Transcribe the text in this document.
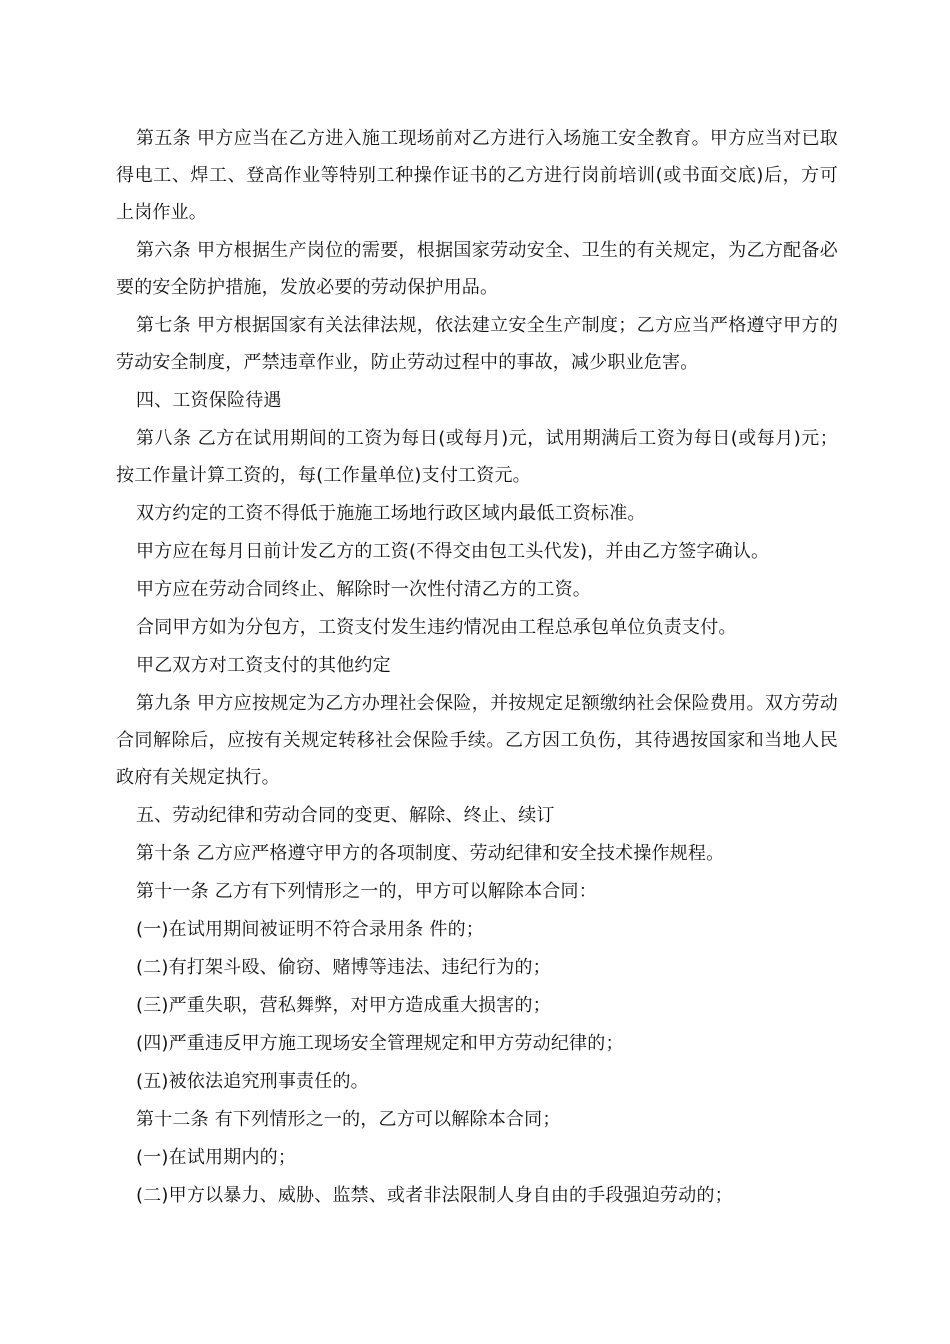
第五条 甲方应当在乙方进入施工现场前对乙方进行入场施工安全教育。甲方应当对已取得电工、焊工、登高作业等特别工种操作证书的乙方进行岗前培训(或书面交底)后，方可上岗作业。

第六条 甲方根据生产岗位的需要，根据国家劳动安全、卫生的有关规定，为乙方配备必要的安全防护措施，发放必要的劳动保护用品。

第七条 甲方根据国家有关法律法规，依法建立安全生产制度；乙方应当严格遵守甲方的劳动安全制度，严禁违章作业，防止劳动过程中的事故，减少职业危害。

四、工资保险待遇

第八条 乙方在试用期间的工资为每日(或每月)元，试用期满后工资为每日(或每月)元；按工作量计算工资的，每(工作量单位)支付工资元。

双方约定的工资不得低于施施工场地行政区域内最低工资标准。

甲方应在每月日前计发乙方的工资(不得交由包工头代发)，并由乙方签字确认。

甲方应在劳动合同终止、解除时一次性付清乙方的工资。

合同甲方如为分包方，工资支付发生违约情况由工程总承包单位负责支付。

甲乙双方对工资支付的其他约定

第九条 甲方应按规定为乙方办理社会保险，并按规定足额缴纳社会保险费用。双方劳动合同解除后，应按有关规定转移社会保险手续。乙方因工负伤，其待遇按国家和当地人民政府有关规定执行。

五、劳动纪律和劳动合同的变更、解除、终止、续订

第十条 乙方应严格遵守甲方的各项制度、劳动纪律和安全技术操作规程。

第十一条 乙方有下列情形之一的，甲方可以解除本合同：

(一)在试用期间被证明不符合录用条 件的；

(二)有打架斗殴、偷窃、赌博等违法、违纪行为的；

(三)严重失职，营私舞弊，对甲方造成重大损害的；

(四)严重违反甲方施工现场安全管理规定和甲方劳动纪律的；

(五)被依法追究刑事责任的。

第十二条 有下列情形之一的，乙方可以解除本合同；

(一)在试用期内的；

(二)甲方以暴力、威胁、监禁、或者非法限制人身自由的手段强迫劳动的；
